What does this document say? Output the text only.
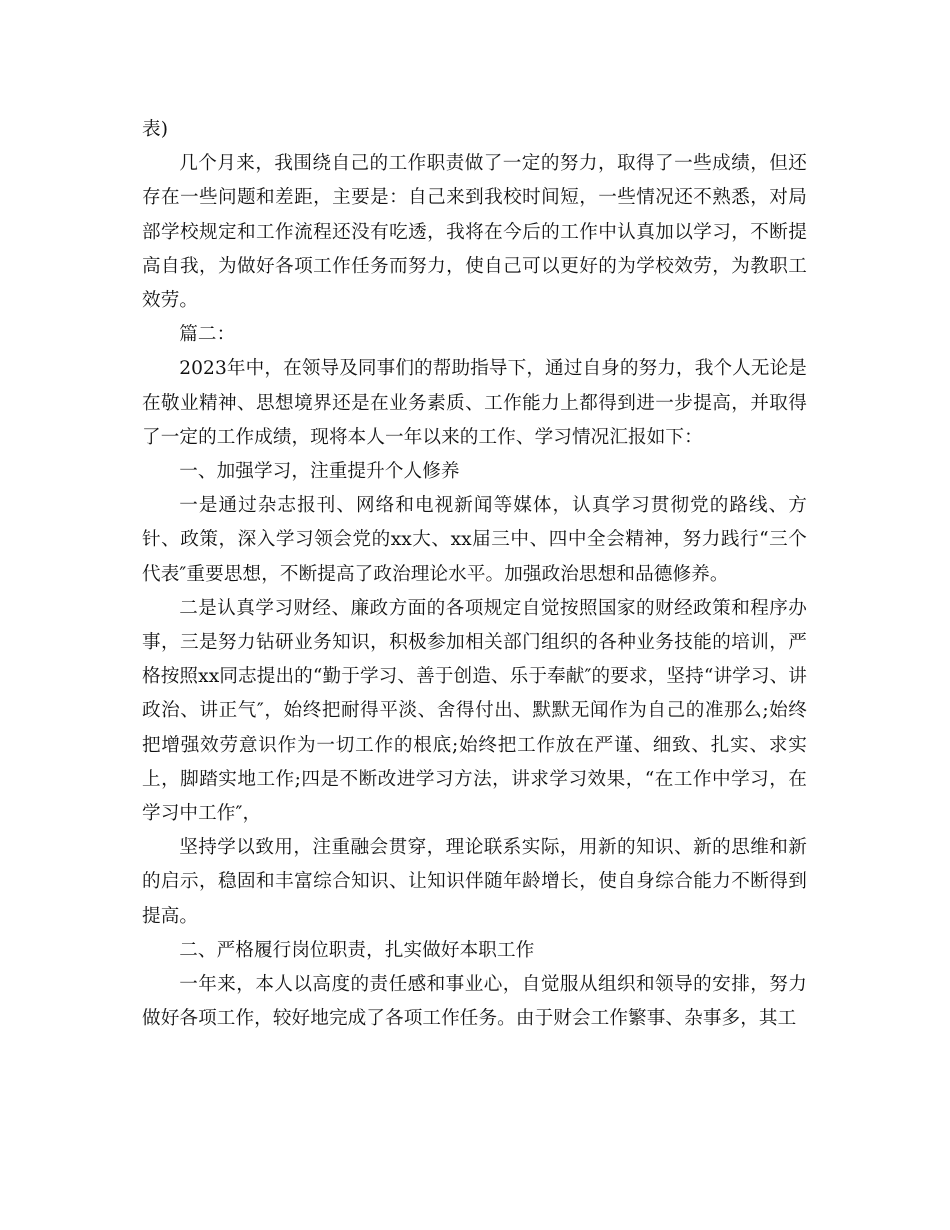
表)

几个月来，我围绕自己的工作职责做了一定的努力，取得了一些成绩，但还存在一些问题和差距，主要是：自己来到我校时间短，一些情况还不熟悉，对局部学校规定和工作流程还没有吃透，我将在今后的工作中认真加以学习，不断提高自我，为做好各项工作任务而努力，使自己可以更好的为学校效劳，为教职工效劳。

篇二：

2023年中，在领导及同事们的帮助指导下，通过自身的努力，我个人无论是在敬业精神、思想境界还是在业务素质、工作能力上都得到进一步提高，并取得了一定的工作成绩，现将本人一年以来的工作、学习情况汇报如下：

一、加强学习，注重提升个人修养

一是通过杂志报刊、网络和电视新闻等媒体，认真学习贯彻党的路线、方针、政策，深入学习领会党的xx大、xx届三中、四中全会精神，努力践行“三个代表″重要思想，不断提高了政治理论水平。加强政治思想和品德修养。

二是认真学习财经、廉政方面的各项规定自觉按照国家的财经政策和程序办事，三是努力钻研业务知识，积极参加相关部门组织的各种业务技能的培训，严格按照xx同志提出的“勤于学习、善于创造、乐于奉献″的要求，坚持“讲学习、讲政治、讲正气″，始终把耐得平淡、舍得付出、默默无闻作为自己的准那么;始终把增强效劳意识作为一切工作的根底;始终把工作放在严谨、细致、扎实、求实上，脚踏实地工作;四是不断改进学习方法，讲求学习效果，“在工作中学习，在学习中工作″，

坚持学以致用，注重融会贯穿，理论联系实际，用新的知识、新的思维和新的启示，稳固和丰富综合知识、让知识伴随年龄增长，使自身综合能力不断得到提高。

二、严格履行岗位职责，扎实做好本职工作

一年来，本人以高度的责任感和事业心，自觉服从组织和领导的安排，努力做好各项工作，较好地完成了各项工作任务。由于财会工作繁事、杂事多，其工
